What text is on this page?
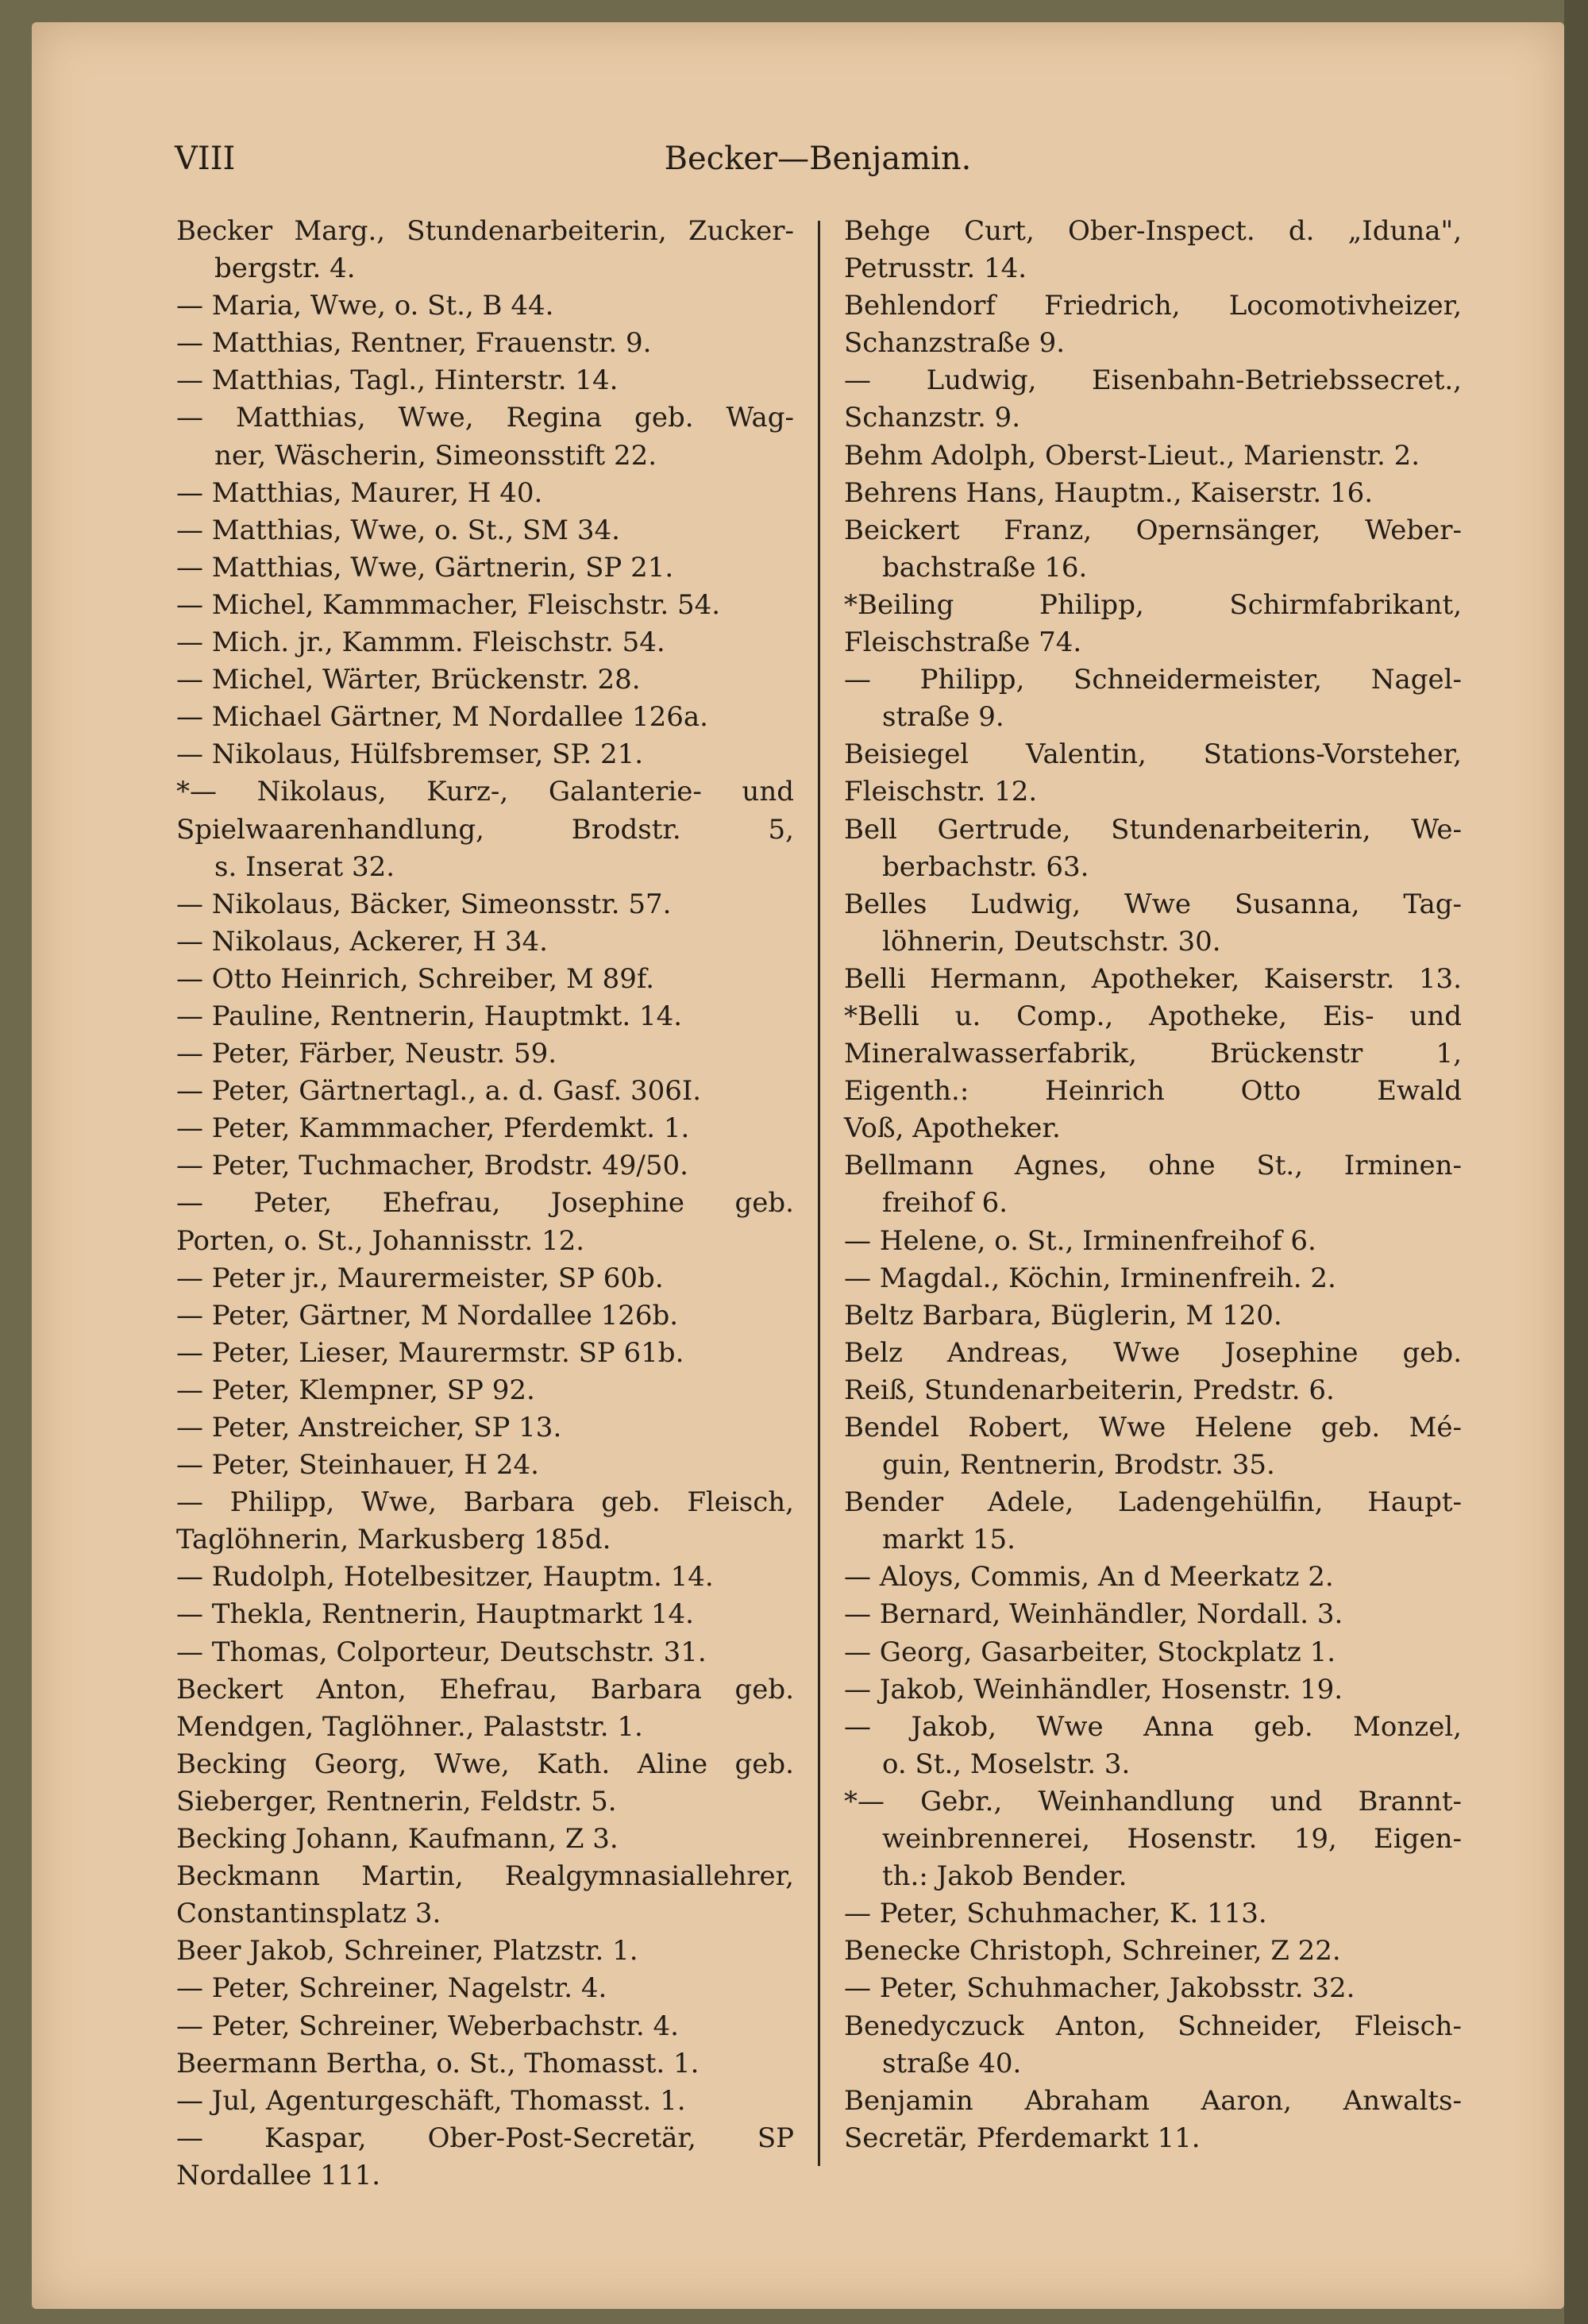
VIII	Becker—Benjamin.
Becker Marg., Stundenarbeiterin, Zucker-
bergstr. 4.
— Maria, Wwe, o. St., B 44.
— Matthias, Rentner, Frauenstr. 9.
— Matthias, Tagl., Hinterstr. 14.
— Matthias, Wwe, Regina geb. Wag-
ner, Wäscherin, Simeonsstift 22.
— Matthias, Maurer, H 40.
— Matthias, Wwe, o. St., SM 34.
— Matthias, Wwe, Gärtnerin, SP 21.
— Michel, Kammmacher, Fleischstr. 54.
— Mich. jr., Kammm. Fleischstr. 54.
— Michel, Wärter, Brückenstr. 28.
— Michael Gärtner, M Nordallee 126a.
— Nikolaus, Hülfsbremser, SP. 21.
*— Nikolaus, Kurz-, Galanterie- und
Spielwaarenhandlung, Brodstr. 5,
s. Inserat 32.
— Nikolaus, Bäcker, Simeonsstr. 57.
— Nikolaus, Ackerer, H 34.
— Otto Heinrich, Schreiber, M 89f.
— Pauline, Rentnerin, Hauptmkt. 14.
— Peter, Färber, Neustr. 59.
— Peter, Gärtnertagl., a. d. Gasf. 306I.
— Peter, Kammmacher, Pferdemkt. 1.
— Peter, Tuchmacher, Brodstr. 49/50.
— Peter, Ehefrau, Josephine geb.
Porten, o. St., Johannisstr. 12.
— Peter jr., Maurermeister, SP 60b.
— Peter, Gärtner, M Nordallee 126b.
— Peter, Lieser, Maurermstr. SP 61b.
— Peter, Klempner, SP 92.
— Peter, Anstreicher, SP 13.
— Peter, Steinhauer, H 24.
— Philipp, Wwe, Barbara geb. Fleisch,
Taglöhnerin, Markusberg 185d.
— Rudolph, Hotelbesitzer, Hauptm. 14.
— Thekla, Rentnerin, Hauptmarkt 14.
— Thomas, Colporteur, Deutschstr. 31.
Beckert Anton, Ehefrau, Barbara geb.
Mendgen, Taglöhner., Palaststr. 1.
Becking Georg, Wwe, Kath. Aline geb.
Sieberger, Rentnerin, Feldstr. 5.
Becking Johann, Kaufmann, Z 3.
Beckmann Martin, Realgymnasiallehrer,
Constantinsplatz 3.
Beer Jakob, Schreiner, Platzstr. 1.
— Peter, Schreiner, Nagelstr. 4.
— Peter, Schreiner, Weberbachstr. 4.
Beermann Bertha, o. St., Thomasst. 1.
— Jul, Agenturgeschäft, Thomasst. 1.
— Kaspar, Ober-Post-Secretär, SP
Nordallee 111.
Behge Curt, Ober-Inspect. d. „Iduna",
Petrusstr. 14.
Behlendorf Friedrich, Locomotivheizer,
Schanzstraße 9.
— Ludwig, Eisenbahn-Betriebssecret.,
Schanzstr. 9.
Behm Adolph, Oberst-Lieut., Marienstr. 2.
Behrens Hans, Hauptm., Kaiserstr. 16.
Beickert Franz, Opernsänger, Weber-
bachstraße 16.
*Beiling Philipp, Schirmfabrikant,
Fleischstraße 74.
— Philipp, Schneidermeister, Nagel-
straße 9.
Beisiegel Valentin, Stations-Vorsteher,
Fleischstr. 12.
Bell Gertrude, Stundenarbeiterin, We-
berbachstr. 63.
Belles Ludwig, Wwe Susanna, Tag-
löhnerin, Deutschstr. 30.
Belli Hermann, Apotheker, Kaiserstr. 13.
*Belli u. Comp., Apotheke, Eis- und
Mineralwasserfabrik, Brückenstr 1,
Eigenth.: Heinrich Otto Ewald
Voß, Apotheker.
Bellmann Agnes, ohne St., Irminen-
freihof 6.
— Helene, o. St., Irminenfreihof 6.
— Magdal., Köchin, Irminenfreih. 2.
Beltz Barbara, Büglerin, M 120.
Belz Andreas, Wwe Josephine geb.
Reiß, Stundenarbeiterin, Predstr. 6.
Bendel Robert, Wwe Helene geb. Mé-
guin, Rentnerin, Brodstr. 35.
Bender Adele, Ladengehülfin, Haupt-
markt 15.
— Aloys, Commis, An d Meerkatz 2.
— Bernard, Weinhändler, Nordall. 3.
— Georg, Gasarbeiter, Stockplatz 1.
— Jakob, Weinhändler, Hosenstr. 19.
— Jakob, Wwe Anna geb. Monzel,
o. St., Moselstr. 3.
*— Gebr., Weinhandlung und Brannt-
weinbrennerei, Hosenstr. 19, Eigen-
th.: Jakob Bender.
— Peter, Schuhmacher, K. 113.
Benecke Christoph, Schreiner, Z 22.
— Peter, Schuhmacher, Jakobsstr. 32.
Benedyczuck Anton, Schneider, Fleisch-
straße 40.
Benjamin Abraham Aaron, Anwalts-
Secretär, Pferdemarkt 11.
